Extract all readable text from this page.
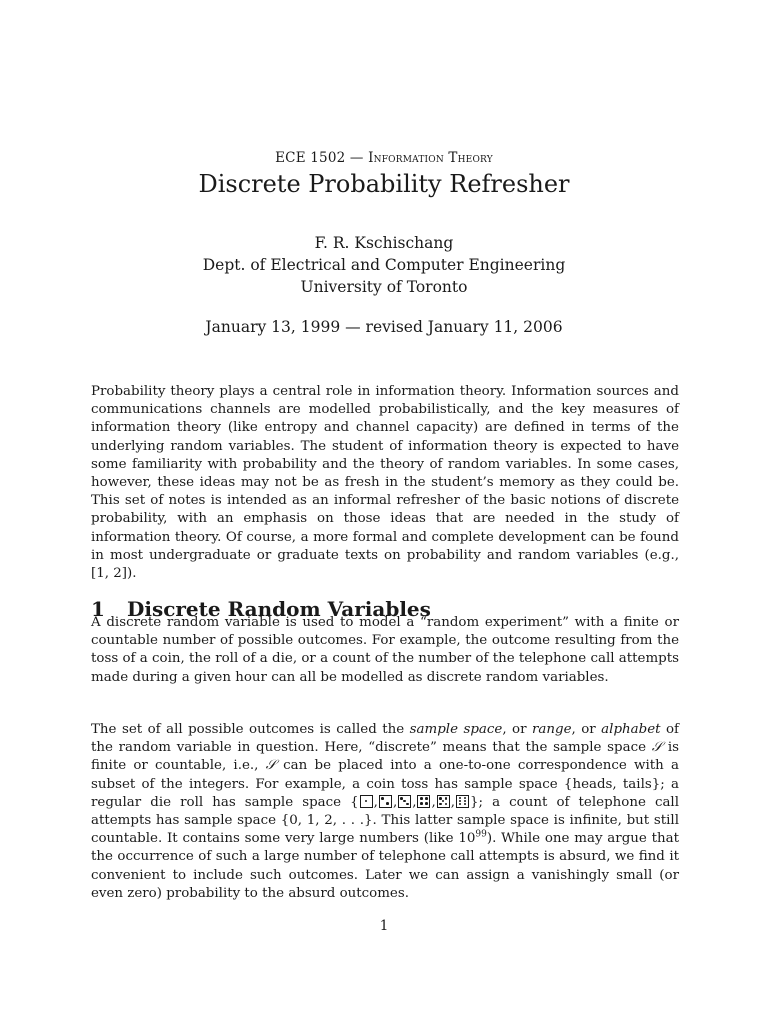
ECE 1502 — Information Theory
Discrete Probability Refresher
F. R. Kschischang
Dept. of Electrical and Computer Engineering
University of Toronto
January 13, 1999 — revised January 11, 2006

Probability theory plays a central role in information theory. Information sources and communications channels are modelled probabilistically, and the key measures of information theory (like entropy and channel capacity) are defined in terms of the underlying random variables. The student of information theory is expected to have some familiarity with probability and the theory of random variables. In some cases, however, these ideas may not be as fresh in the student’s memory as they could be. This set of notes is intended as an informal refresher of the basic notions of discrete probability, with an emphasis on those ideas that are needed in the study of information theory. Of course, a more formal and complete development can be found in most undergraduate or graduate texts on probability and random variables (e.g., [1, 2]).

1 Discrete Random Variables

A discrete random variable is used to model a “random experiment” with a finite or countable number of possible outcomes. For example, the outcome resulting from the toss of a coin, the roll of a die, or a count of the number of the telephone call attempts made during a given hour can all be modelled as discrete random variables.

The set of all possible outcomes is called the sample space, or range, or alphabet of the random variable in question. Here, “discrete” means that the sample space 𝒮 is finite or countable, i.e., 𝒮 can be placed into a one-to-one correspondence with a subset of the integers. For example, a coin toss has sample space {heads, tails}; a regular die roll has sample space { , , , , , }; a count of telephone call attempts has sample space {0, 1, 2, . . .}. This latter sample space is infinite, but still countable. It contains some very large numbers (like $10^{99}$). While one may argue that the occurrence of such a large number of telephone call attempts is absurd, we find it convenient to include such outcomes. Later we can assign a vanishingly small (or even zero) probability to the absurd outcomes.

1
